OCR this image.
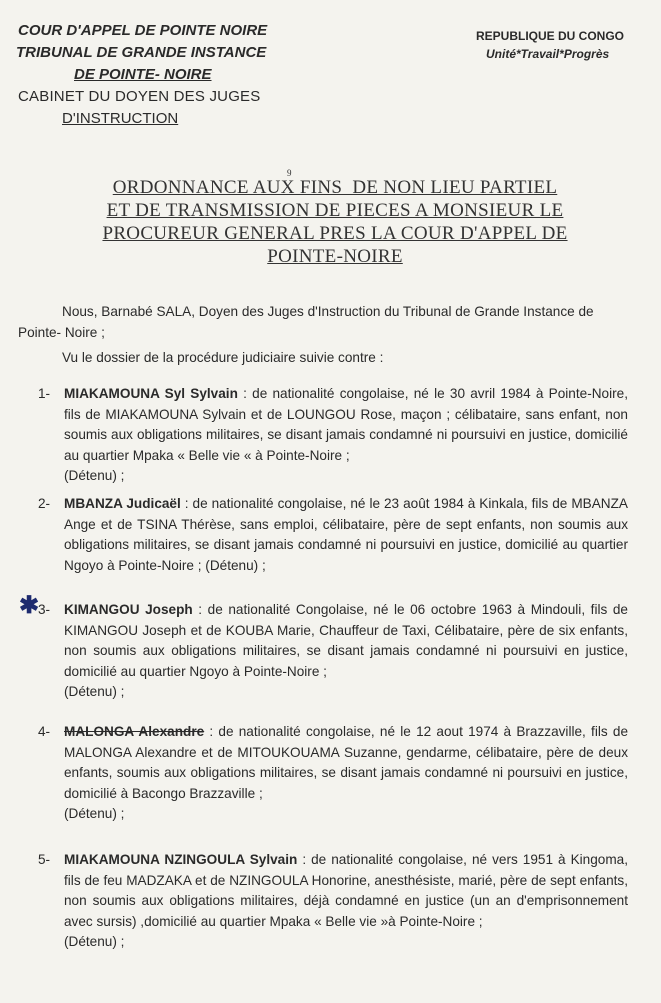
COUR D'APPEL DE POINTE NOIRE
TRIBUNAL DE GRANDE INSTANCE
DE POINTE- NOIRE
CABINET DU DOYEN DES JUGES
D'INSTRUCTION
REPUBLIQUE DU CONGO
Unité*Travail*Progrès
9
ORDONNANCE AUX FINS  DE NON LIEU PARTIEL
ET DE TRANSMISSION DE PIECES A MONSIEUR LE
PROCUREUR GENERAL PRES LA COUR D'APPEL DE
POINTE-NOIRE
Nous, Barnabé SALA, Doyen des Juges d'Instruction du Tribunal de Grande Instance de Pointe- Noire ;
Vu le dossier de la procédure judiciaire suivie contre :
1-	MIAKAMOUNA Syl Sylvain : de nationalité congolaise, né le 30 avril 1984 à Pointe-Noire, fils de MIAKAMOUNA Sylvain et de LOUNGOU Rose, maçon ; célibataire, sans enfant, non soumis aux obligations militaires, se disant jamais condamné ni poursuivi en justice, domicilié au quartier Mpaka « Belle vie « à Pointe-Noire ;
(Détenu) ;
2-	MBANZA Judicaël : de nationalité congolaise, né le 23 août 1984 à Kinkala, fils de MBANZA Ange et de TSINA Thérèse, sans emploi, célibataire, père de sept enfants, non soumis aux obligations militaires, se disant jamais condamné ni poursuivi en justice, domicilié au quartier Ngoyo à Pointe-Noire ; (Détenu) ;
✱
3-	KIMANGOU Joseph : de nationalité Congolaise, né le 06 octobre 1963 à Mindouli, fils de KIMANGOU Joseph et de KOUBA Marie, Chauffeur de Taxi, Célibataire, père de six enfants, non soumis aux obligations militaires, se disant jamais condamné ni poursuivi en justice, domicilié au quartier Ngoyo à Pointe-Noire ;
(Détenu) ;
4-	MALONGA Alexandre : de nationalité congolaise, né le 12 aout 1974 à Brazzaville, fils de MALONGA Alexandre et de MITOUKOUAMA Suzanne, gendarme, célibataire, père de deux enfants, soumis aux obligations militaires, se disant jamais condamné ni poursuivi en justice, domicilié à Bacongo Brazzaville ;
(Détenu) ;
5-	MIAKAMOUNA NZINGOULA Sylvain : de nationalité congolaise, né vers 1951 à Kingoma, fils de feu MADZAKA et de NZINGOULA Honorine, anesthésiste, marié, père de sept enfants, non soumis aux obligations militaires, déjà condamné en justice (un an d'emprisonnement avec sursis) ,domicilié au quartier Mpaka « Belle vie »à Pointe-Noire ;
(Détenu) ;
